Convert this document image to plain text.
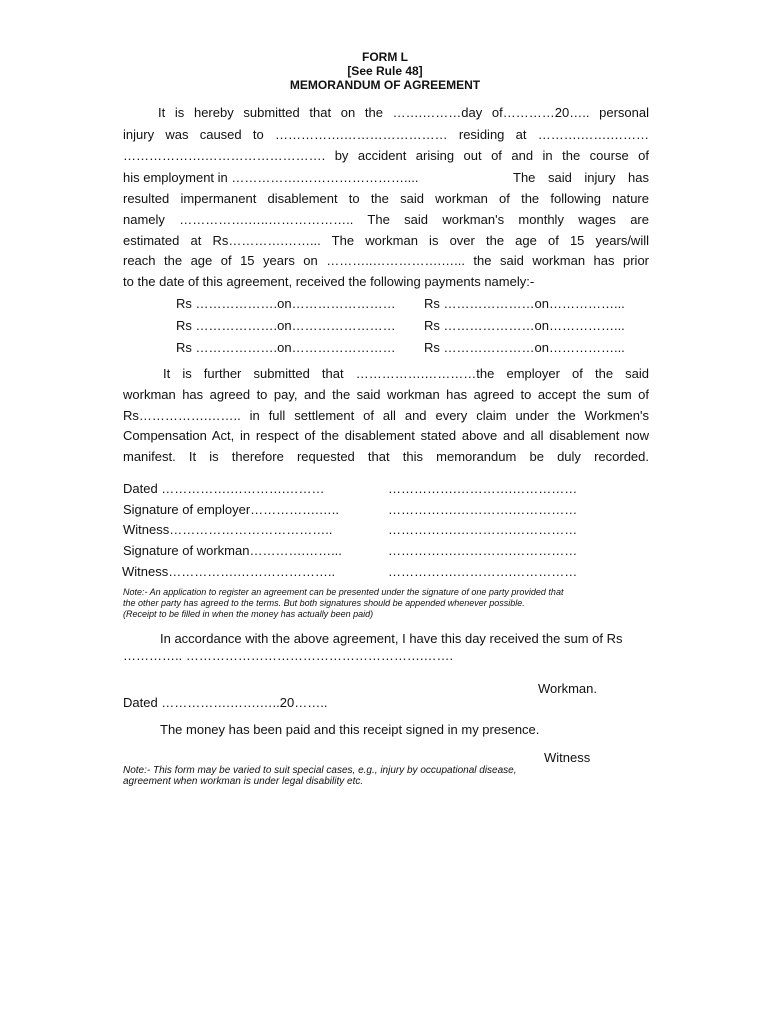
FORM L
[See Rule 48]
MEMORANDUM OF AGREEMENT
It is hereby submitted that on the …….………day of…………20….. personal
injury was caused to …………….…………………… residing at ……….…….………
……………….………………………. by accident arising out of and in the course of
his employment in …………….……………………....	The said injury has
resulted impermanent disablement to the said workman of the following nature
namely …………….…..……………….. The said workman's monthly wages are
estimated at Rs………….……... The workman is over the age of 15 years/will
reach the age of 15 years on ………..…………….…... the said workman has prior
to the date of this agreement, received the following payments namely:-
Rs ……………….on…………………… Rs …………………on……………...
Rs ……………….on…………………… Rs …………………on……………...
Rs ……………….on…………………… Rs …………………on……………...
It is further submitted that …………….…………the employer of the said
workman has agreed to pay, and the said workman has agreed to accept the sum of
Rs…………….…….. in full settlement of all and every claim under the Workmen's
Compensation Act, in respect of the disablement stated above and all disablement now
manifest. It is therefore requested that this memorandum be duly recorded.
Dated …………….………….………	…………….………….……………
Signature of employer…………….…..	…………….………….……………
Witness………………………………..	…………….………….……………
Signature of workman………….……...	…………….………….……………
Witness…………….…………………..	…………….………….……………
Note:- An application to register an agreement can be presented under the signature of one party provided that
the other party has agreed to the terms. But both signatures should be appended whenever possible.
(Receipt to be filled in when the money has actually been paid)
In accordance with the above agreement, I have this day received the sum of Rs
………….. ……………………………………………….…….
Workman.
Dated …………….…….…..20……..
The money has been paid and this receipt signed in my presence.
Witness
Note:- This form may be varied to suit special cases, e.g., injury by occupational disease,
agreement when workman is under legal disability etc.
